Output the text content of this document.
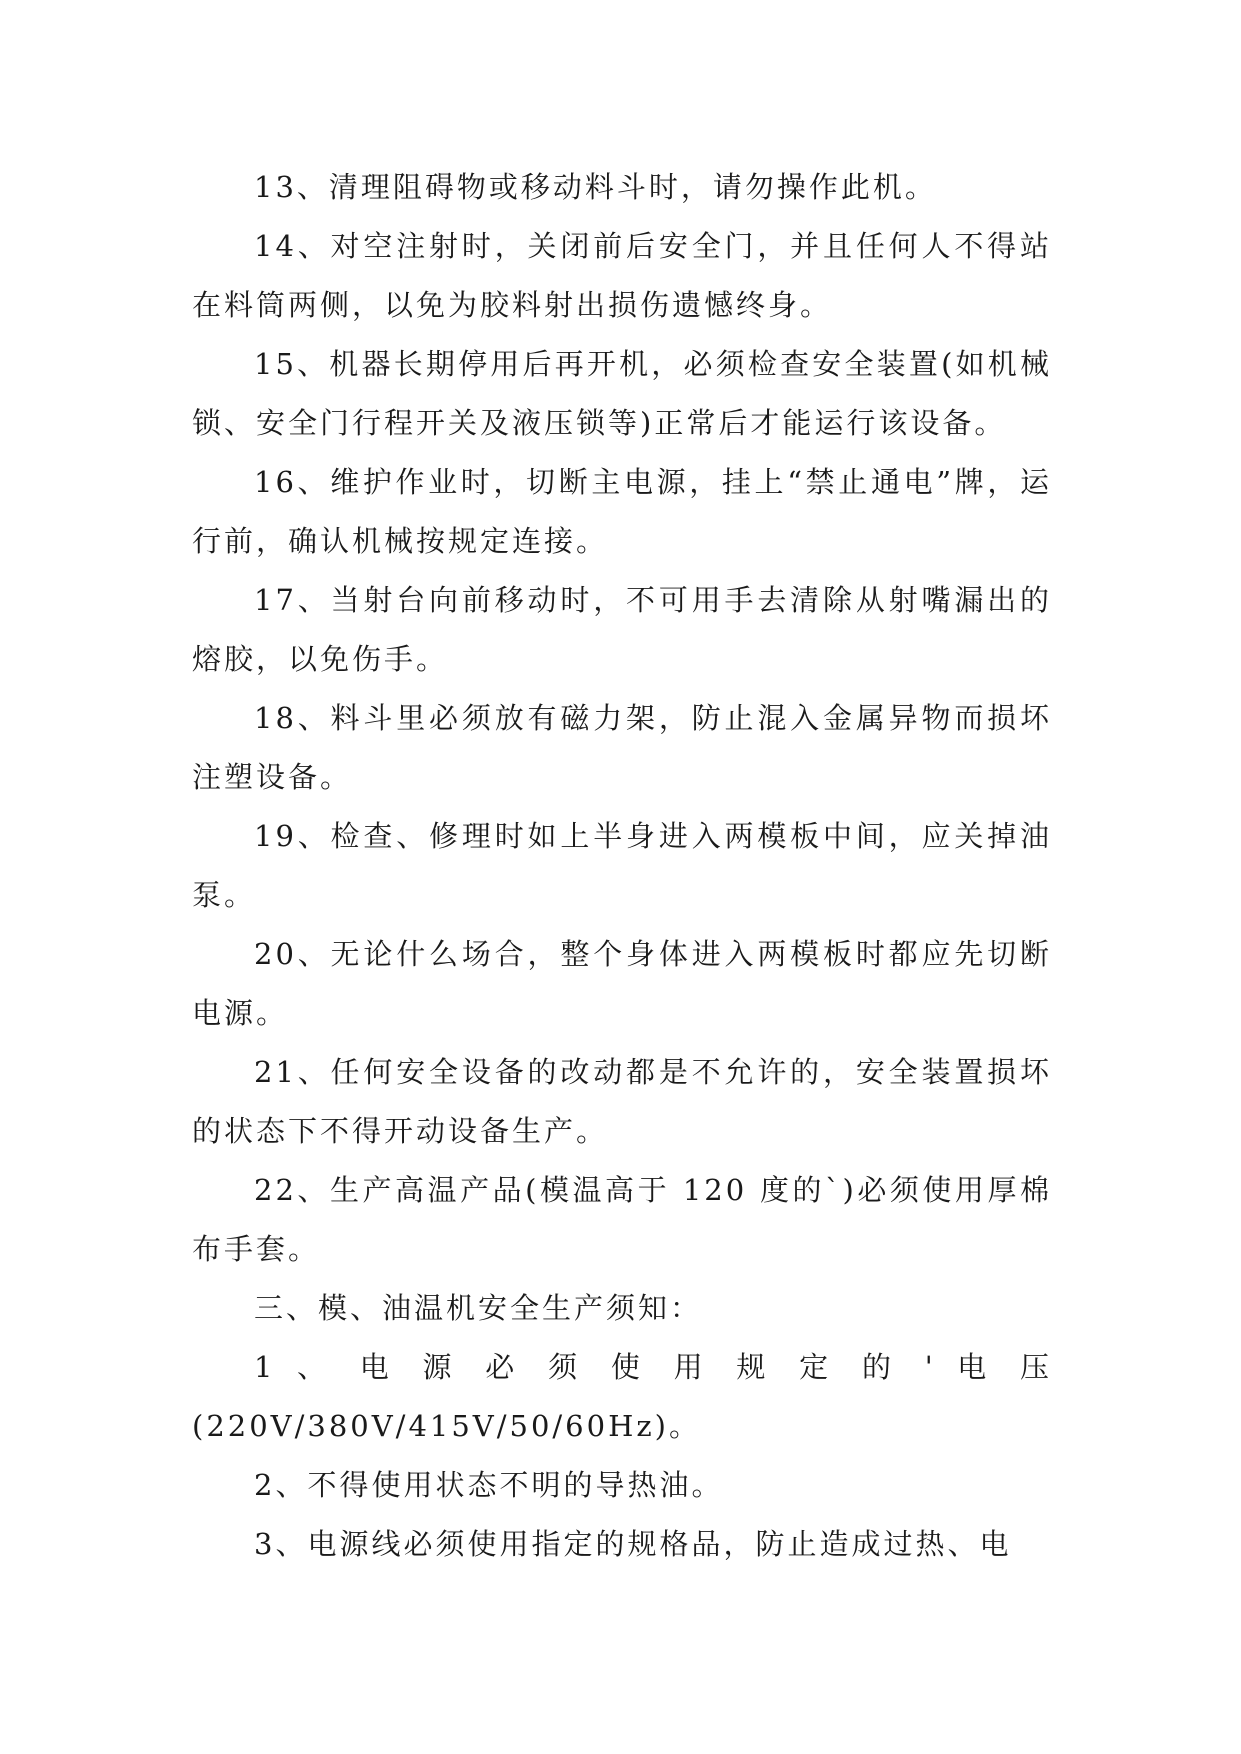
13、清理阻碍物或移动料斗时，请勿操作此机。

14、对空注射时，关闭前后安全门，并且任何人不得站在料筒两侧，以免为胶料射出损伤遗憾终身。

15、机器长期停用后再开机，必须检查安全装置(如机械锁、安全门行程开关及液压锁等)正常后才能运行该设备。

16、维护作业时，切断主电源，挂上“禁止通电”牌，运行前，确认机械按规定连接。

17、当射台向前移动时，不可用手去清除从射嘴漏出的熔胶，以免伤手。

18、料斗里必须放有磁力架，防止混入金属异物而损坏注塑设备。

19、检查、修理时如上半身进入两模板中间，应关掉油泵。

20、无论什么场合，整个身体进入两模板时都应先切断电源。

21、任何安全设备的改动都是不允许的，安全装置损坏的状态下不得开动设备生产。

22、生产高温产品(模温高于 120 度的`)必须使用厚棉布手套。

三、模、油温机安全生产须知：

1 、 电 源 必 须 使 用 规 定 的 ' 电 压 (220V/380V/415V/50/60Hz)。

2、不得使用状态不明的导热油。

3、电源线必须使用指定的规格品，防止造成过热、电
